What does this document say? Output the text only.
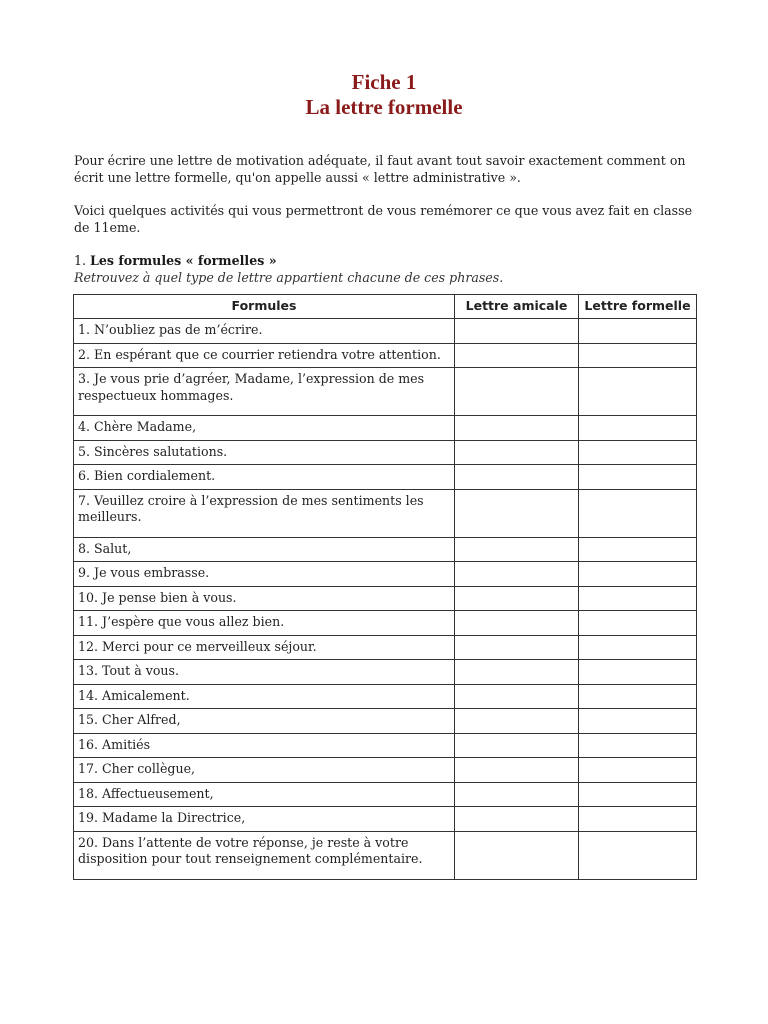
Fiche 1
La lettre formelle
Pour écrire une lettre de motivation adéquate, il faut avant tout savoir exactement comment on écrit une lettre formelle, qu'on appelle aussi « lettre administrative ».
Voici quelques activités qui vous permettront de vous remémorer ce que vous avez fait en classe de 11eme.
1. Les formules « formelles »
Retrouvez à quel type de lettre appartient chacune de ces phrases.
Formules	Lettre amicale	Lettre formelle
1. N’oubliez pas de m’écrire.		
2. En espérant que ce courrier retiendra votre attention.		
3. Je vous prie d’agréer, Madame, l’expression de mes respectueux hommages.		
4. Chère Madame,		
5. Sincères salutations.		
6. Bien cordialement.		
7. Veuillez croire à l’expression de mes sentiments les meilleurs.		
8. Salut,		
9. Je vous embrasse.		
10. Je pense bien à vous.		
11. J’espère que vous allez bien.		
12. Merci pour ce merveilleux séjour.		
13. Tout à vous.		
14. Amicalement.		
15. Cher Alfred,		
16. Amitiés		
17. Cher collègue,		
18. Affectueusement,		
19. Madame la Directrice,		
20. Dans l’attente de votre réponse, je reste à votre disposition pour tout renseignement complémentaire.		
